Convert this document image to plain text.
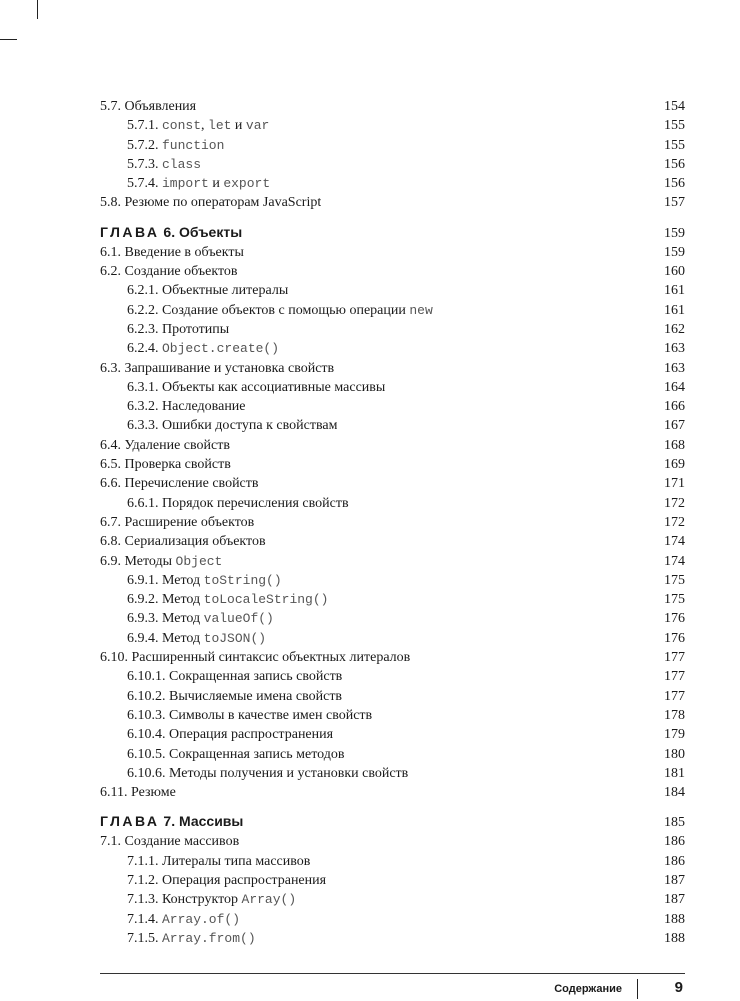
5.7. Объявления	154
5.7.1. const, let и var	155
5.7.2. function	155
5.7.3. class	156
5.7.4. import и export	156
5.8. Резюме по операторам JavaScript	157
ГЛАВА 6. Объекты	159
6.1. Введение в объекты	159
6.2. Создание объектов	160
6.2.1. Объектные литералы	161
6.2.2. Создание объектов с помощью операции new	161
6.2.3. Прототипы	162
6.2.4. Object.create()	163
6.3. Запрашивание и установка свойств	163
6.3.1. Объекты как ассоциативные массивы	164
6.3.2. Наследование	166
6.3.3. Ошибки доступа к свойствам	167
6.4. Удаление свойств	168
6.5. Проверка свойств	169
6.6. Перечисление свойств	171
6.6.1. Порядок перечисления свойств	172
6.7. Расширение объектов	172
6.8. Сериализация объектов	174
6.9. Методы Object	174
6.9.1. Метод toString()	175
6.9.2. Метод toLocaleString()	175
6.9.3. Метод valueOf()	176
6.9.4. Метод toJSON()	176
6.10. Расширенный синтаксис объектных литералов	177
6.10.1. Сокращенная запись свойств	177
6.10.2. Вычисляемые имена свойств	177
6.10.3. Символы в качестве имен свойств	178
6.10.4. Операция распространения	179
6.10.5. Сокращенная запись методов	180
6.10.6. Методы получения и установки свойств	181
6.11. Резюме	184
ГЛАВА 7. Массивы	185
7.1. Создание массивов	186
7.1.1. Литералы типа массивов	186
7.1.2. Операция распространения	187
7.1.3. Конструктор Array()	187
7.1.4. Array.of()	188
7.1.5. Array.from()	188
Содержание	9
